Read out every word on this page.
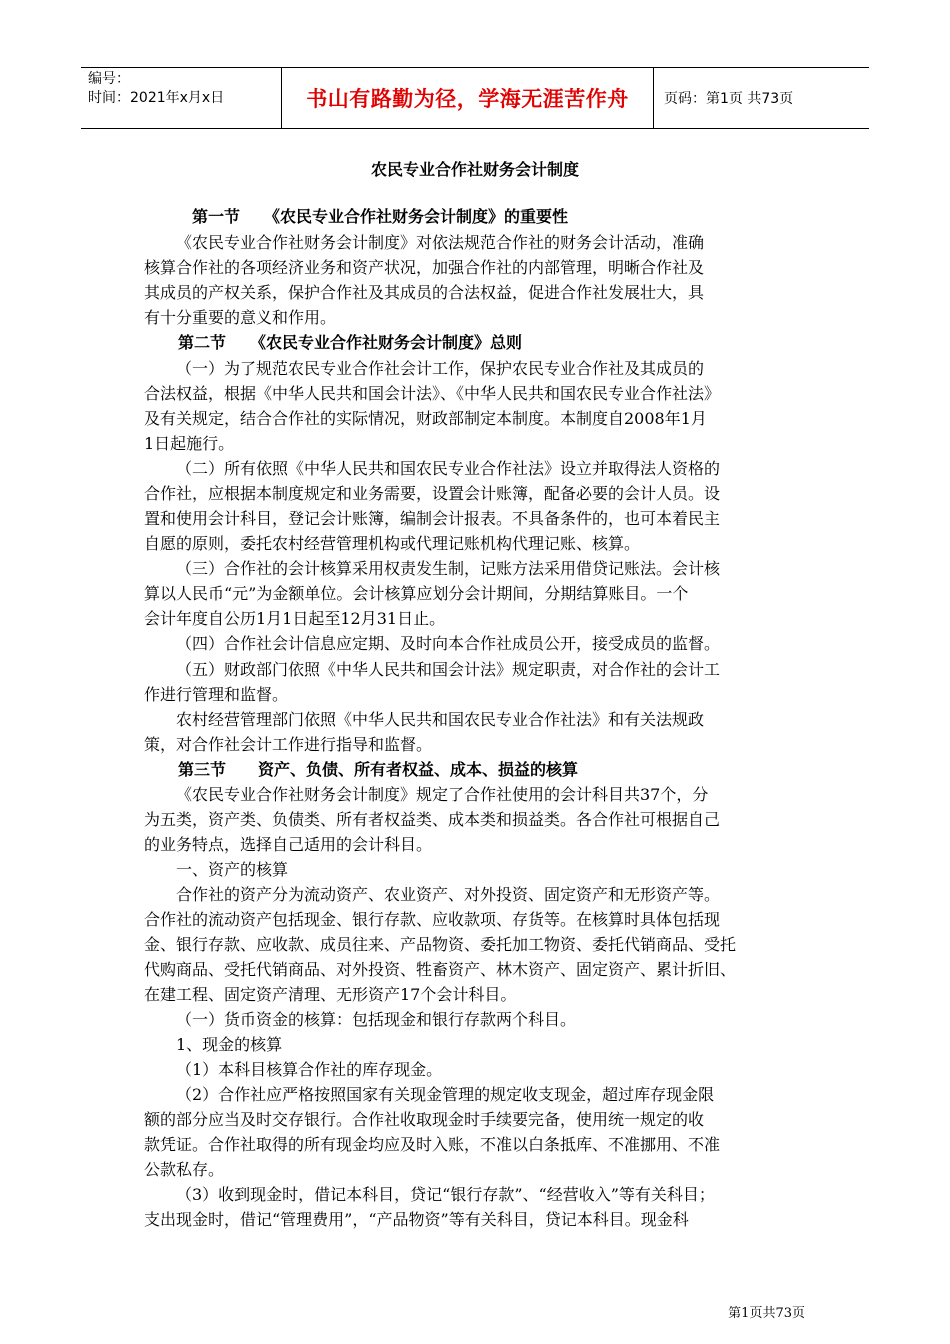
编号：
时间：2021年x月x日	书山有路勤为径，学海无涯苦作舟	页码：第1页 共73页
农民专业合作社财务会计制度
第一节　　《农民专业合作社财务会计制度》的重要性
《农民专业合作社财务会计制度》对依法规范合作社的财务会计活动，准确
核算合作社的各项经济业务和资产状况，加强合作社的内部管理，明晰合作社及
其成员的产权关系，保护合作社及其成员的合法权益，促进合作社发展壮大，具
有十分重要的意义和作用。
第二节　　《农民专业合作社财务会计制度》总则
（一）为了规范农民专业合作社会计工作，保护农民专业合作社及其成员的
合法权益，根据《中华人民共和国会计法》、《中华人民共和国农民专业合作社法》
及有关规定，结合合作社的实际情况，财政部制定本制度。本制度自2008年1月
1日起施行。
（二）所有依照《中华人民共和国农民专业合作社法》设立并取得法人资格的
合作社，应根据本制度规定和业务需要，设置会计账簿，配备必要的会计人员。设
置和使用会计科目，登记会计账簿，编制会计报表。不具备条件的，也可本着民主
自愿的原则，委托农村经营管理机构或代理记账机构代理记账、核算。
（三）合作社的会计核算采用权责发生制，记账方法采用借贷记账法。会计核
算以人民币“元”为金额单位。会计核算应划分会计期间，分期结算账目。一个
会计年度自公历1月1日起至12月31日止。
（四）合作社会计信息应定期、及时向本合作社成员公开，接受成员的监督。
（五）财政部门依照《中华人民共和国会计法》规定职责，对合作社的会计工
作进行管理和监督。
农村经营管理部门依照《中华人民共和国农民专业合作社法》和有关法规政
策，对合作社会计工作进行指导和监督。
第三节　　资产、负债、所有者权益、成本、损益的核算
《农民专业合作社财务会计制度》规定了合作社使用的会计科目共37个，分
为五类，资产类、负债类、所有者权益类、成本类和损益类。各合作社可根据自己
的业务特点，选择自己适用的会计科目。
一、资产的核算
合作社的资产分为流动资产、农业资产、对外投资、固定资产和无形资产等。
合作社的流动资产包括现金、银行存款、应收款项、存货等。在核算时具体包括现
金、银行存款、应收款、成员往来、产品物资、委托加工物资、委托代销商品、受托
代购商品、受托代销商品、对外投资、牲畜资产、林木资产、固定资产、累计折旧、
在建工程、固定资产清理、无形资产17个会计科目。
（一）货币资金的核算：包括现金和银行存款两个科目。
1、现金的核算
（1）本科目核算合作社的库存现金。
（2）合作社应严格按照国家有关现金管理的规定收支现金，超过库存现金限
额的部分应当及时交存银行。合作社收取现金时手续要完备，使用统一规定的收
款凭证。合作社取得的所有现金均应及时入账，不准以白条抵库、不准挪用、不准
公款私存。
（3）收到现金时，借记本科目，贷记“银行存款”、“经营收入”等有关科目；
支出现金时，借记“管理费用”，“产品物资”等有关科目，贷记本科目。现金科
第1页共73页
